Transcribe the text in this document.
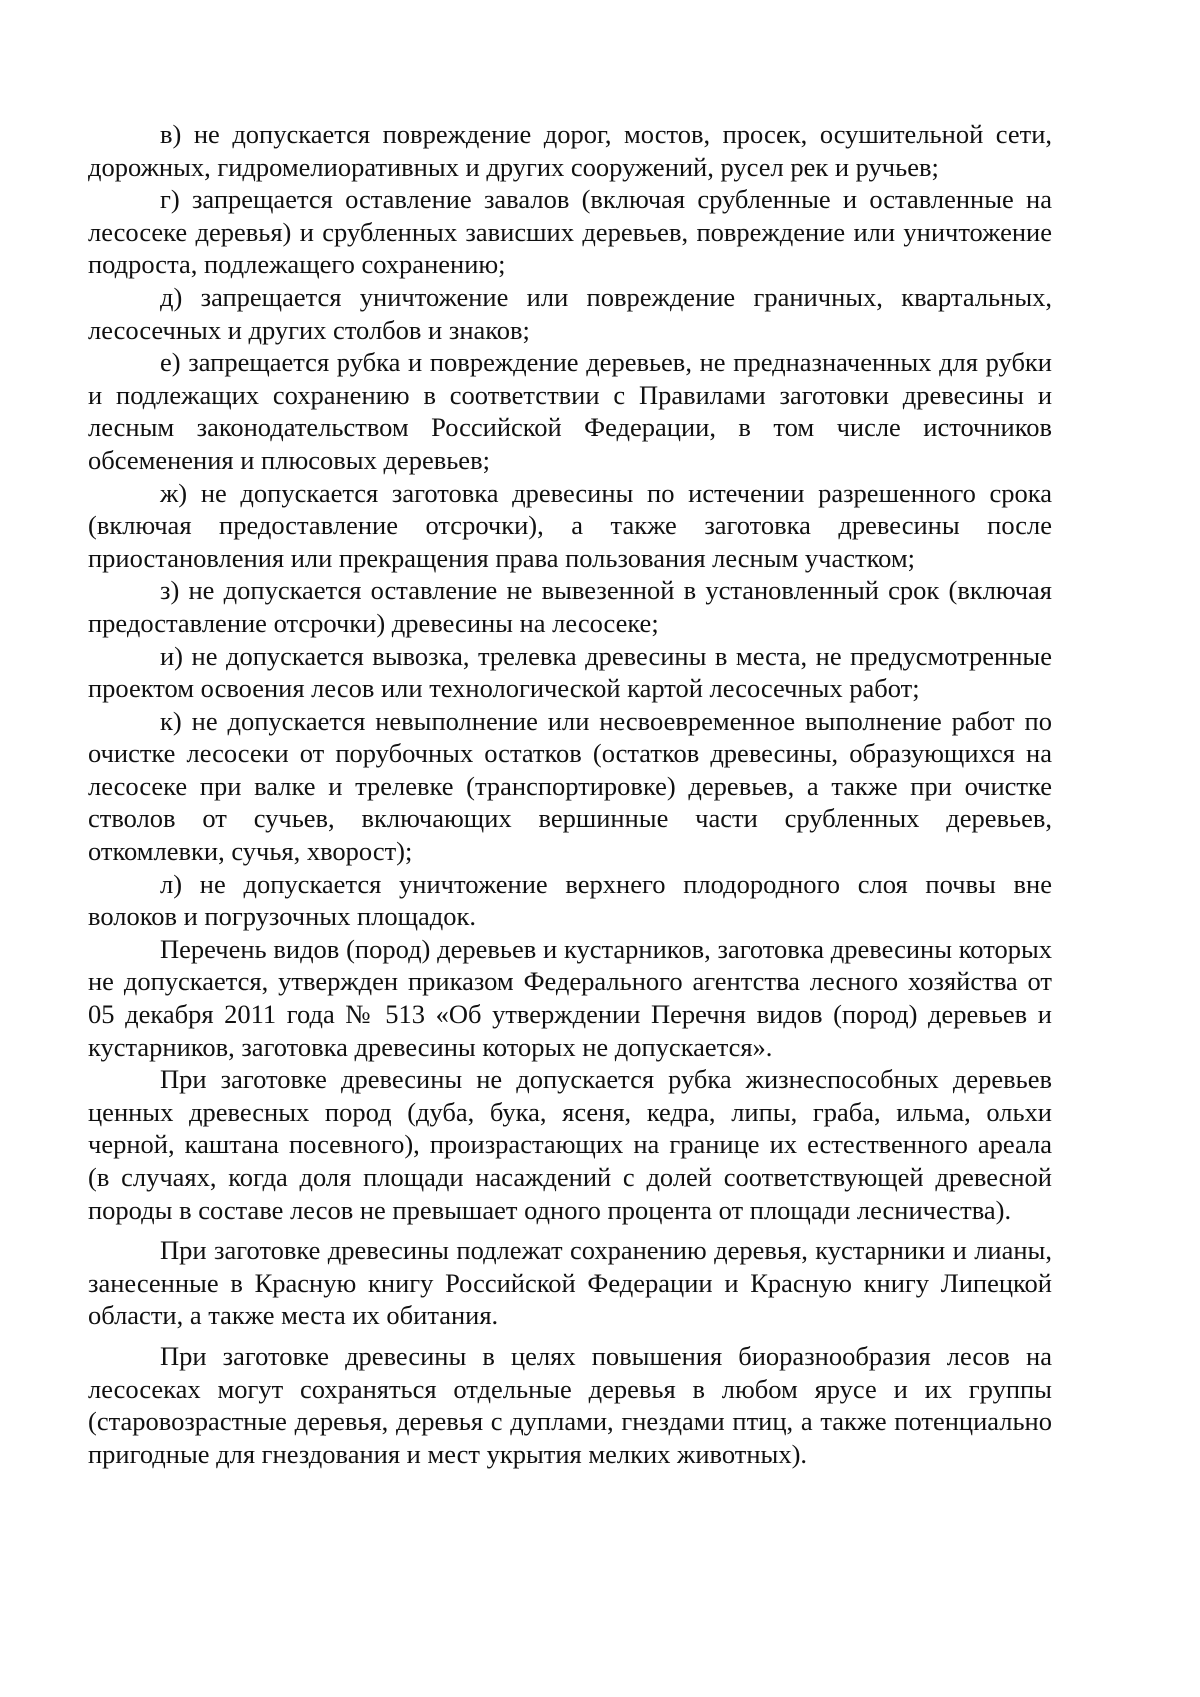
в) не допускается повреждение дорог, мостов, просек, осушительной сети, дорожных, гидромелиоративных и других сооружений, русел рек и ручьев;

г) запрещается оставление завалов (включая срубленные и оставленные на лесосеке деревья) и срубленных зависших деревьев, повреждение или уничтожение подроста, подлежащего сохранению;

д) запрещается уничтожение или повреждение граничных, квартальных, лесосечных и других столбов и знаков;

е) запрещается рубка и повреждение деревьев, не предназначенных для рубки и подлежащих сохранению в соответствии с Правилами заготовки древесины и лесным законодательством Российской Федерации, в том числе источников обсеменения и плюсовых деревьев;

ж) не допускается заготовка древесины по истечении разрешенного срока (включая предоставление отсрочки), а также заготовка древесины после приостановления или прекращения права пользования лесным участком;

з) не допускается оставление не вывезенной в установленный срок (включая предоставление отсрочки) древесины на лесосеке;

и) не допускается вывозка, трелевка древесины в места, не предусмотренные проектом освоения лесов или технологической картой лесосечных работ;

к) не допускается невыполнение или несвоевременное выполнение работ по очистке лесосеки от порубочных остатков (остатков древесины, образующихся на лесосеке при валке и трелевке (транспортировке) деревьев, а также при очистке стволов от сучьев, включающих вершинные части срубленных деревьев, откомлевки, сучья, хворост);

л) не допускается уничтожение верхнего плодородного слоя почвы вне волоков и погрузочных площадок.

Перечень видов (пород) деревьев и кустарников, заготовка древесины которых не допускается, утвержден приказом Федерального агентства лесного хозяйства от 05 декабря 2011 года № 513 «Об утверждении Перечня видов (пород) деревьев и кустарников, заготовка древесины которых не допускается».

При заготовке древесины не допускается рубка жизнеспособных деревьев ценных древесных пород (дуба, бука, ясеня, кедра, липы, граба, ильма, ольхи черной, каштана посевного), произрастающих на границе их естественного ареала (в случаях, когда доля площади насаждений с долей соответствующей древесной породы в составе лесов не превышает одного процента от площади лесничества).

При заготовке древесины подлежат сохранению деревья, кустарники и лианы, занесенные в Красную книгу Российской Федерации и Красную книгу Липецкой области, а также места их обитания.

При заготовке древесины в целях повышения биоразнообразия лесов на лесосеках могут сохраняться отдельные деревья в любом ярусе и их группы (старовозрастные деревья, деревья с дуплами, гнездами птиц, а также потенциально пригодные для гнездования и мест укрытия мелких животных).
